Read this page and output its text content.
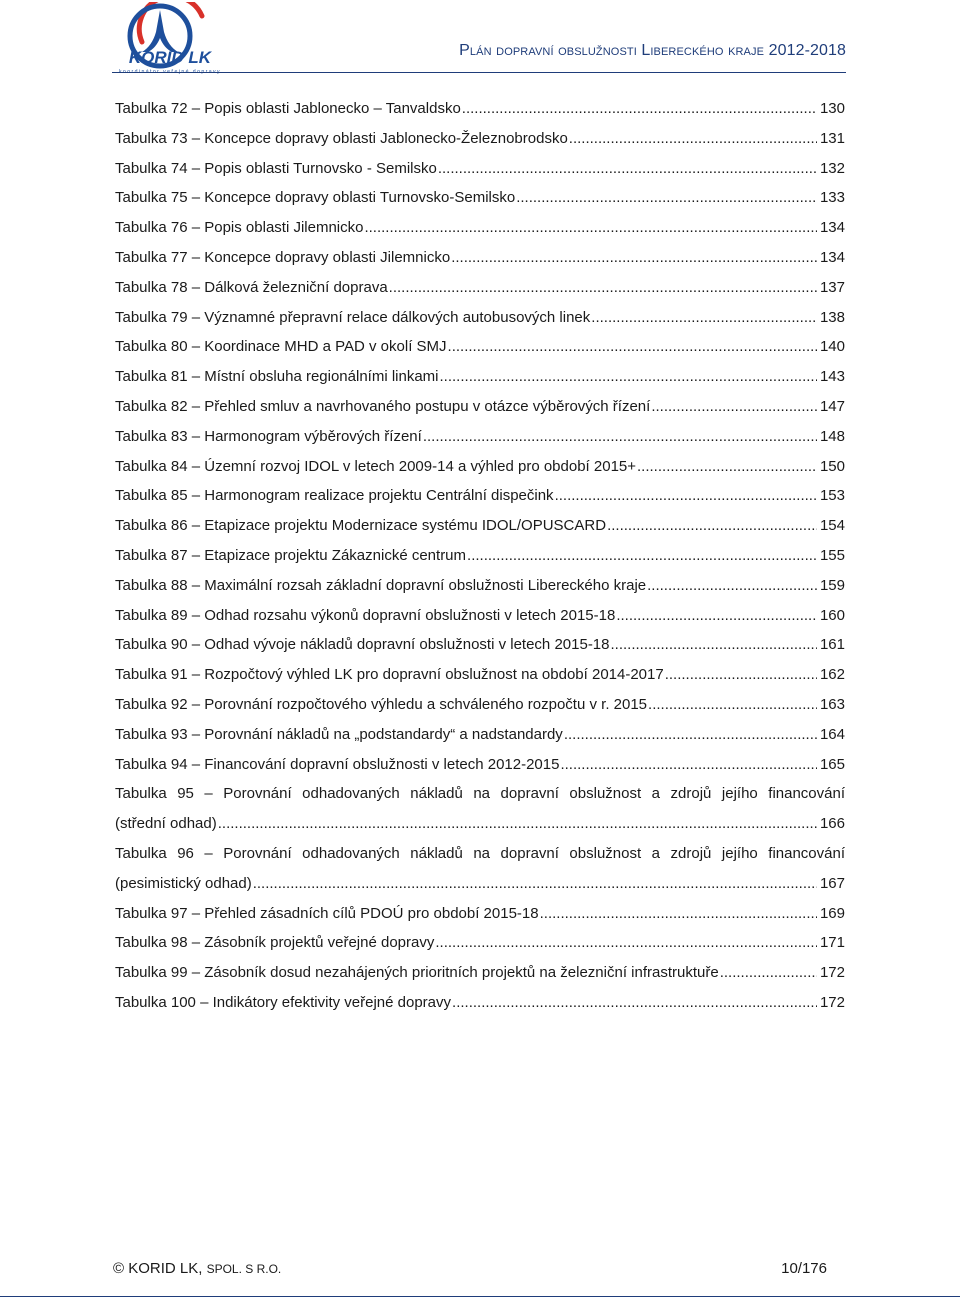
KORID LK
koordinátor veřejné dopravy
Plán dopravní obslužnosti Libereckého kraje 2012-2018
Tabulka 72 – Popis oblasti Jablonecko – Tanvaldsko .....	130
Tabulka 73 – Koncepce dopravy oblasti Jablonecko-Železnobrodsko .....	131
Tabulka 74 – Popis oblasti Turnovsko - Semilsko .....	132
Tabulka 75 – Koncepce dopravy oblasti Turnovsko-Semilsko .....	133
Tabulka 76 – Popis oblasti Jilemnicko .....	134
Tabulka 77 – Koncepce dopravy oblasti Jilemnicko .....	134
Tabulka 78 – Dálková železniční doprava .....	137
Tabulka 79 – Významné přepravní relace dálkových autobusových linek .....	138
Tabulka 80 – Koordinace MHD a PAD v okolí SMJ .....	140
Tabulka 81 – Místní obsluha regionálními linkami .....	143
Tabulka 82 – Přehled smluv a navrhovaného postupu v otázce výběrových řízení .....	147
Tabulka 83 – Harmonogram výběrových řízení .....	148
Tabulka 84 – Územní rozvoj IDOL v letech 2009-14 a výhled pro období 2015+ .....	150
Tabulka 85 – Harmonogram realizace projektu Centrální dispečink .....	153
Tabulka 86 – Etapizace projektu Modernizace systému IDOL/OPUSCARD .....	154
Tabulka 87 – Etapizace projektu Zákaznické centrum .....	155
Tabulka 88 – Maximální rozsah základní dopravní obslužnosti Libereckého kraje .....	159
Tabulka 89 – Odhad rozsahu výkonů dopravní obslužnosti v letech 2015-18 .....	160
Tabulka 90 – Odhad vývoje nákladů dopravní obslužnosti v letech 2015-18 .....	161
Tabulka 91 – Rozpočtový výhled LK pro dopravní obslužnost na období 2014-2017 .....	162
Tabulka 92 – Porovnání rozpočtového výhledu a schváleného rozpočtu v r. 2015 .....	163
Tabulka 93 – Porovnání nákladů na „podstandardy“ a nadstandardy .....	164
Tabulka 94 – Financování dopravní obslužnosti v letech 2012-2015 .....	165
Tabulka 95 – Porovnání odhadovaných nákladů na dopravní obslužnost a zdrojů jejího financování
(střední odhad) .....	166
Tabulka 96 – Porovnání odhadovaných nákladů na dopravní obslužnost a zdrojů jejího financování
(pesimistický odhad) .....	167
Tabulka 97 – Přehled zásadních cílů PDOÚ pro období 2015-18 .....	169
Tabulka 98 – Zásobník projektů veřejné dopravy .....	171
Tabulka 99 – Zásobník dosud nezahájených prioritních projektů na železniční infrastruktuře .....	172
Tabulka 100 – Indikátory efektivity veřejné dopravy .....	172
© KORID LK, SPOL. S R.O.	10/176
